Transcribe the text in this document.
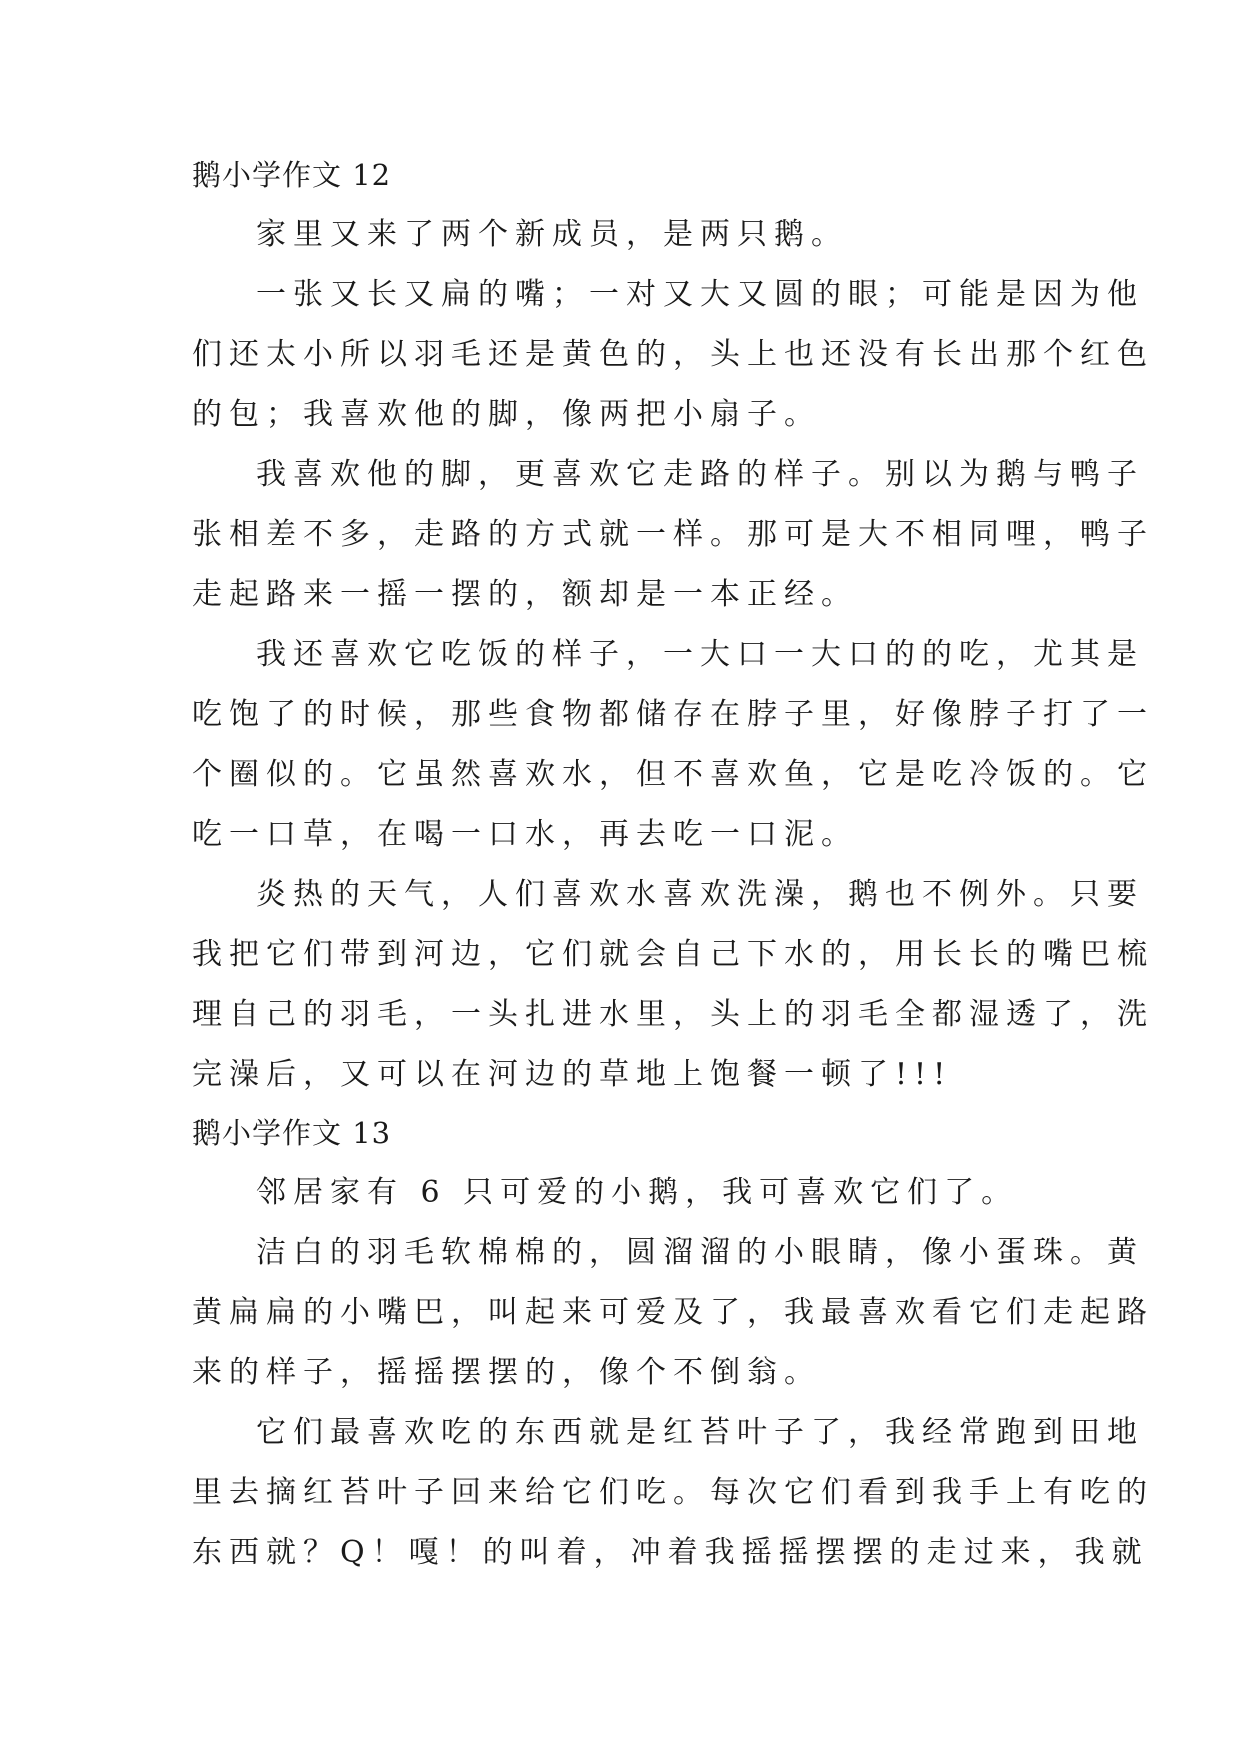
鹅小学作文 12

家里又来了两个新成员，是两只鹅。

一张又长又扁的嘴；一对又大又圆的眼；可能是因为他
们还太小所以羽毛还是黄色的，头上也还没有长出那个红色
的包；我喜欢他的脚，像两把小扇子。

我喜欢他的脚，更喜欢它走路的样子。别以为鹅与鸭子
张相差不多，走路的方式就一样。那可是大不相同哩，鸭子
走起路来一摇一摆的，额却是一本正经。

我还喜欢它吃饭的样子，一大口一大口的的吃，尤其是
吃饱了的时候，那些食物都储存在脖子里，好像脖子打了一
个圈似的。它虽然喜欢水，但不喜欢鱼，它是吃冷饭的。它
吃一口草，在喝一口水，再去吃一口泥。

炎热的天气，人们喜欢水喜欢洗澡，鹅也不例外。只要
我把它们带到河边，它们就会自己下水的，用长长的嘴巴梳
理自己的羽毛，一头扎进水里，头上的羽毛全都湿透了，洗
完澡后，又可以在河边的草地上饱餐一顿了!!!

鹅小学作文 13

邻居家有 6 只可爱的小鹅，我可喜欢它们了。

洁白的羽毛软棉棉的，圆溜溜的小眼睛，像小蛋珠。黄
黄扁扁的小嘴巴，叫起来可爱及了，我最喜欢看它们走起路
来的样子，摇摇摆摆的，像个不倒翁。

它们最喜欢吃的东西就是红苔叶子了，我经常跑到田地
里去摘红苔叶子回来给它们吃。每次它们看到我手上有吃的
东西就？Q！嘎！的叫着，冲着我摇摇摆摆的走过来，我就
